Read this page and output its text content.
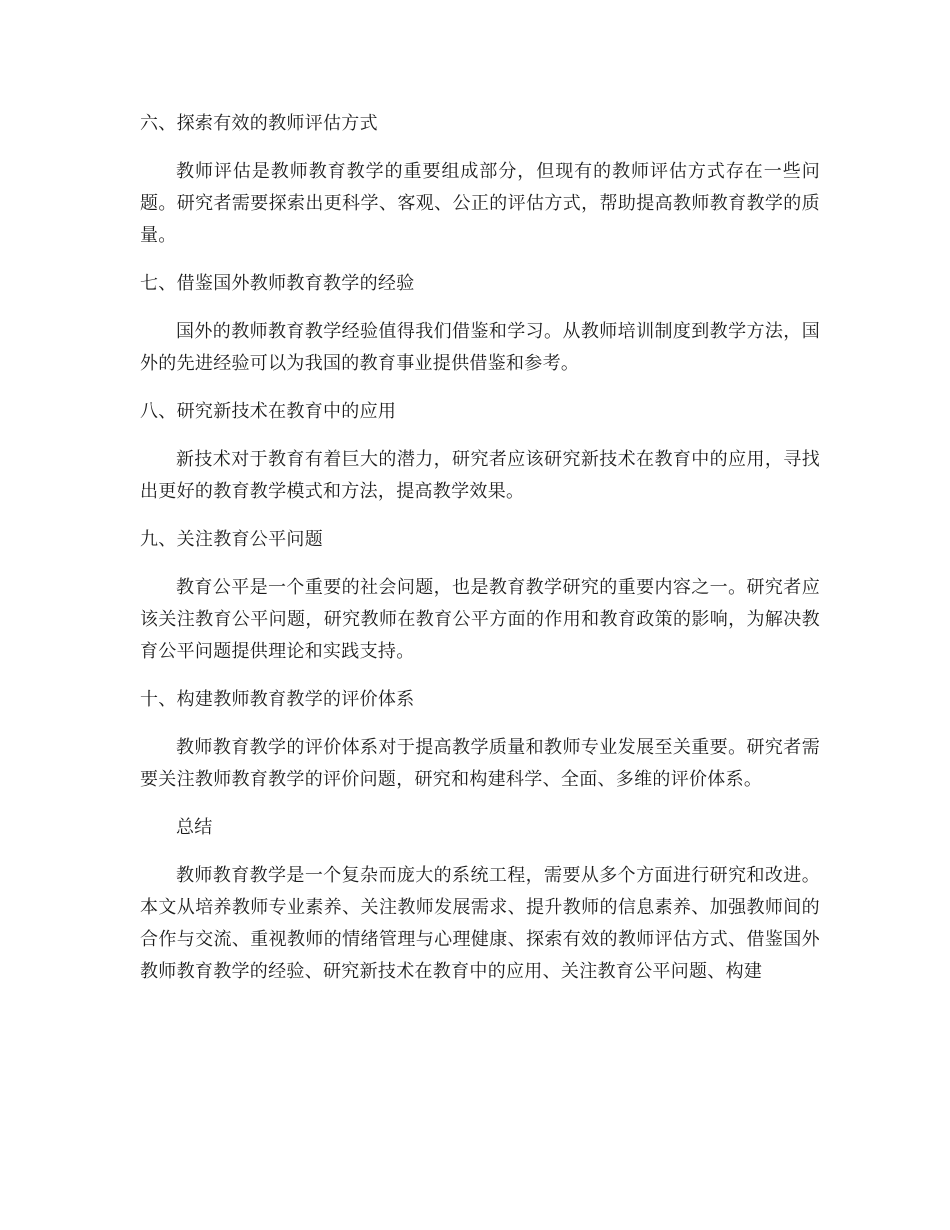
六、探索有效的教师评估方式
教师评估是教师教育教学的重要组成部分，但现有的教师评估方式存在一些问题。研究者需要探索出更科学、客观、公正的评估方式，帮助提高教师教育教学的质量。
七、借鉴国外教师教育教学的经验
国外的教师教育教学经验值得我们借鉴和学习。从教师培训制度到教学方法，国外的先进经验可以为我国的教育事业提供借鉴和参考。
八、研究新技术在教育中的应用
新技术对于教育有着巨大的潜力，研究者应该研究新技术在教育中的应用，寻找出更好的教育教学模式和方法，提高教学效果。
九、关注教育公平问题
教育公平是一个重要的社会问题，也是教育教学研究的重要内容之一。研究者应该关注教育公平问题，研究教师在教育公平方面的作用和教育政策的影响，为解决教育公平问题提供理论和实践支持。
十、构建教师教育教学的评价体系
教师教育教学的评价体系对于提高教学质量和教师专业发展至关重要。研究者需要关注教师教育教学的评价问题，研究和构建科学、全面、多维的评价体系。
总结
教师教育教学是一个复杂而庞大的系统工程，需要从多个方面进行研究和改进。本文从培养教师专业素养、关注教师发展需求、提升教师的信息素养、加强教师间的合作与交流、重视教师的情绪管理与心理健康、探索有效的教师评估方式、借鉴国外教师教育教学的经验、研究新技术在教育中的应用、关注教育公平问题、构建
